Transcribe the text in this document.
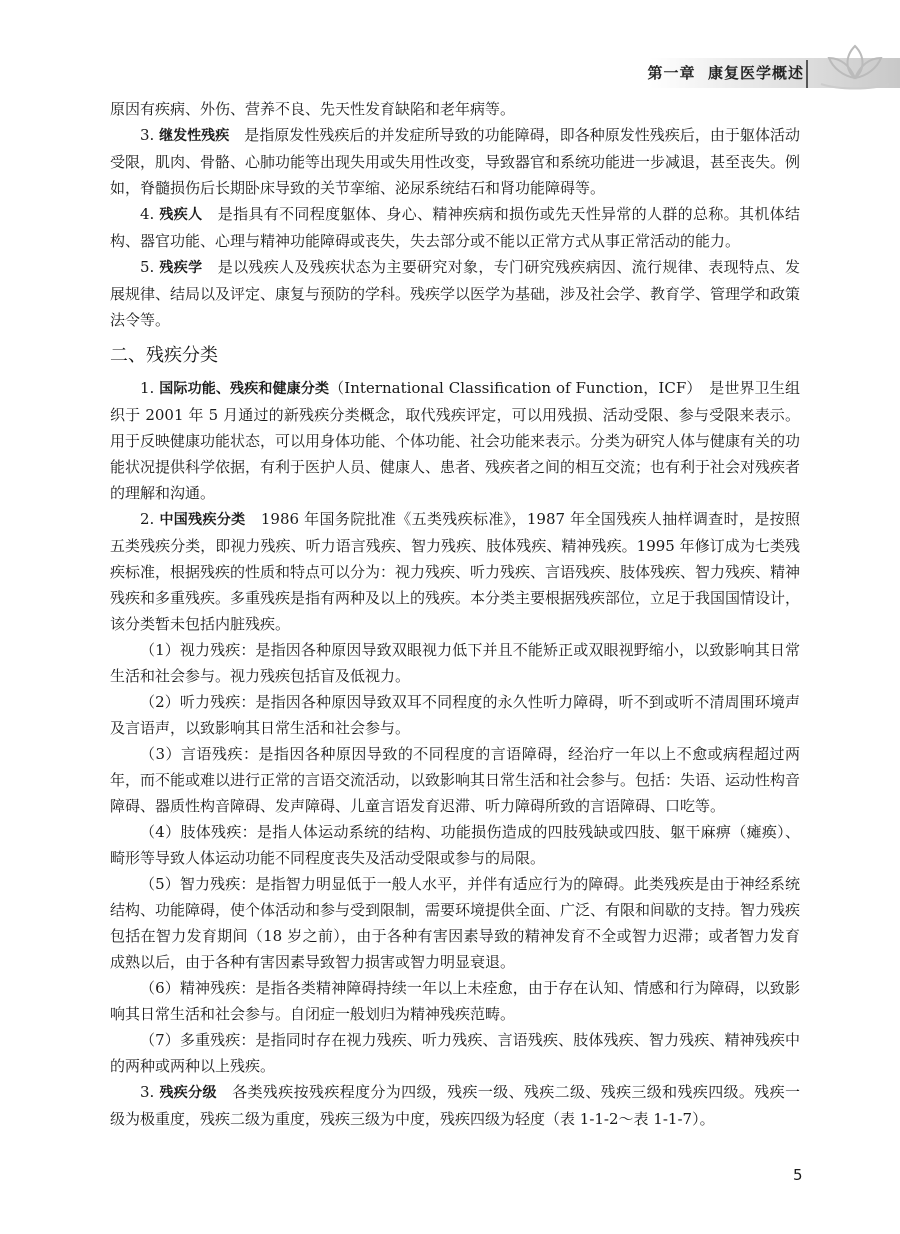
第一章 康复医学概述

原因有疾病、外伤、营养不良、先天性发育缺陷和老年病等。

3. 继发性残疾　是指原发性残疾后的并发症所导致的功能障碍，即各种原发性残疾后，由于躯体活动受限，肌肉、骨骼、心肺功能等出现失用或失用性改变，导致器官和系统功能进一步减退，甚至丧失。例如，脊髓损伤后长期卧床导致的关节挛缩、泌尿系统结石和肾功能障碍等。

4. 残疾人　是指具有不同程度躯体、身心、精神疾病和损伤或先天性异常的人群的总称。其机体结构、器官功能、心理与精神功能障碍或丧失，失去部分或不能以正常方式从事正常活动的能力。

5. 残疾学　是以残疾人及残疾状态为主要研究对象，专门研究残疾病因、流行规律、表现特点、发展规律、结局以及评定、康复与预防的学科。残疾学以医学为基础，涉及社会学、教育学、管理学和政策法令等。

二、残疾分类

1. 国际功能、残疾和健康分类（International Classification of Function，ICF）　是世界卫生组织于 2001 年 5 月通过的新残疾分类概念，取代残疾评定，可以用残损、活动受限、参与受限来表示。用于反映健康功能状态，可以用身体功能、个体功能、社会功能来表示。分类为研究人体与健康有关的功能状况提供科学依据，有利于医护人员、健康人、患者、残疾者之间的相互交流；也有利于社会对残疾者的理解和沟通。

2. 中国残疾分类　1986 年国务院批准《五类残疾标准》，1987 年全国残疾人抽样调查时，是按照五类残疾分类，即视力残疾、听力语言残疾、智力残疾、肢体残疾、精神残疾。1995 年修订成为七类残疾标准，根据残疾的性质和特点可以分为：视力残疾、听力残疾、言语残疾、肢体残疾、智力残疾、精神残疾和多重残疾。多重残疾是指有两种及以上的残疾。本分类主要根据残疾部位，立足于我国国情设计，该分类暂未包括内脏残疾。

（1）视力残疾：是指因各种原因导致双眼视力低下并且不能矫正或双眼视野缩小，以致影响其日常生活和社会参与。视力残疾包括盲及低视力。

（2）听力残疾：是指因各种原因导致双耳不同程度的永久性听力障碍，听不到或听不清周围环境声及言语声，以致影响其日常生活和社会参与。

（3）言语残疾：是指因各种原因导致的不同程度的言语障碍，经治疗一年以上不愈或病程超过两年，而不能或难以进行正常的言语交流活动，以致影响其日常生活和社会参与。包括：失语、运动性构音障碍、器质性构音障碍、发声障碍、儿童言语发育迟滞、听力障碍所致的言语障碍、口吃等。

（4）肢体残疾：是指人体运动系统的结构、功能损伤造成的四肢残缺或四肢、躯干麻痹（瘫痪）、畸形等导致人体运动功能不同程度丧失及活动受限或参与的局限。

（5）智力残疾：是指智力明显低于一般人水平，并伴有适应行为的障碍。此类残疾是由于神经系统结构、功能障碍，使个体活动和参与受到限制，需要环境提供全面、广泛、有限和间歇的支持。智力残疾包括在智力发育期间（18 岁之前），由于各种有害因素导致的精神发育不全或智力迟滞；或者智力发育成熟以后，由于各种有害因素导致智力损害或智力明显衰退。

（6）精神残疾：是指各类精神障碍持续一年以上未痊愈，由于存在认知、情感和行为障碍，以致影响其日常生活和社会参与。自闭症一般划归为精神残疾范畴。

（7）多重残疾：是指同时存在视力残疾、听力残疾、言语残疾、肢体残疾、智力残疾、精神残疾中的两种或两种以上残疾。

3. 残疾分级　各类残疾按残疾程度分为四级，残疾一级、残疾二级、残疾三级和残疾四级。残疾一级为极重度，残疾二级为重度，残疾三级为中度，残疾四级为轻度（表 1-1-2～表 1-1-7）。

5
